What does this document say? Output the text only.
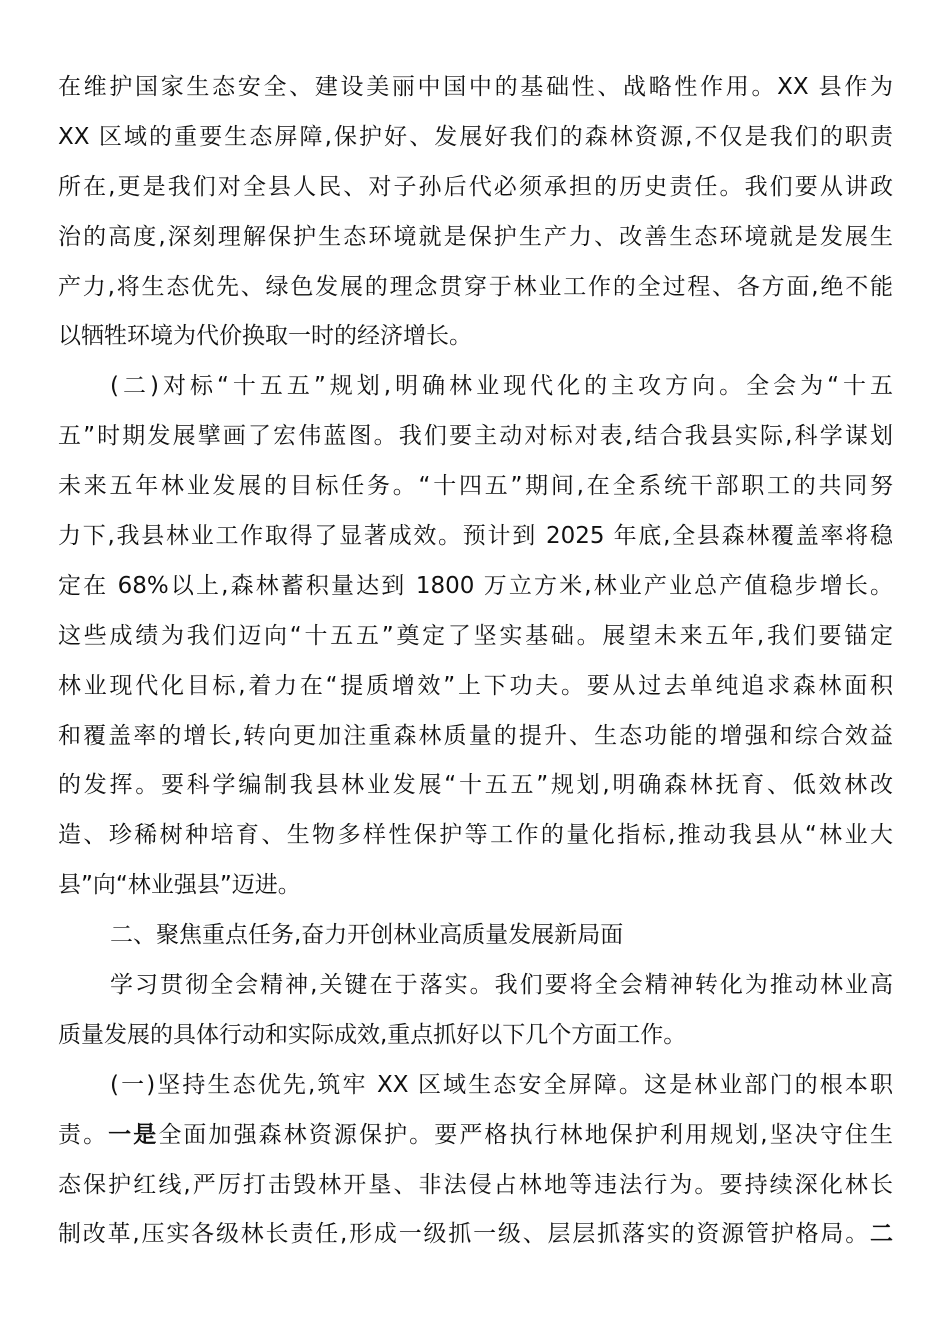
在维护国家生态安全、建设美丽中国中的基础性、战略性作用。XX 县作为
XX 区域的重要生态屏障,保护好、发展好我们的森林资源,不仅是我们的职责
所在,更是我们对全县人民、对子孙后代必须承担的历史责任。我们要从讲政
治的高度,深刻理解保护生态环境就是保护生产力、改善生态环境就是发展生
产力,将生态优先、绿色发展的理念贯穿于林业工作的全过程、各方面,绝不能
以牺牲环境为代价换取一时的经济增长。
(二)对标“十五五”规划,明确林业现代化的主攻方向。全会为“十五
五”时期发展擘画了宏伟蓝图。我们要主动对标对表,结合我县实际,科学谋划
未来五年林业发展的目标任务。“十四五”期间,在全系统干部职工的共同努
力下,我县林业工作取得了显著成效。预计到 2025 年底,全县森林覆盖率将稳
定在 68%以上,森林蓄积量达到 1800 万立方米,林业产业总产值稳步增长。
这些成绩为我们迈向“十五五”奠定了坚实基础。展望未来五年,我们要锚定
林业现代化目标,着力在“提质增效”上下功夫。要从过去单纯追求森林面积
和覆盖率的增长,转向更加注重森林质量的提升、生态功能的增强和综合效益
的发挥。要科学编制我县林业发展“十五五”规划,明确森林抚育、低效林改
造、珍稀树种培育、生物多样性保护等工作的量化指标,推动我县从“林业大
县”向“林业强县”迈进。
二、聚焦重点任务,奋力开创林业高质量发展新局面
学习贯彻全会精神,关键在于落实。我们要将全会精神转化为推动林业高
质量发展的具体行动和实际成效,重点抓好以下几个方面工作。
(一)坚持生态优先,筑牢 XX 区域生态安全屏障。这是林业部门的根本职
责。一是全面加强森林资源保护。要严格执行林地保护利用规划,坚决守住生
态保护红线,严厉打击毁林开垦、非法侵占林地等违法行为。要持续深化林长
制改革,压实各级林长责任,形成一级抓一级、层层抓落实的资源管护格局。二
